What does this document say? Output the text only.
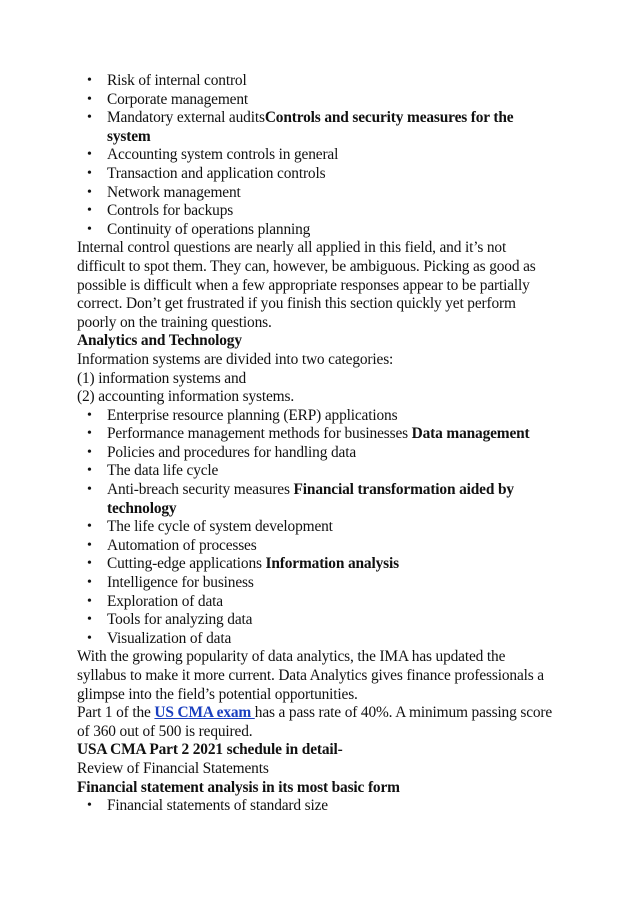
• Risk of internal control
• Corporate management
• Mandatory external auditsControls and security measures for the system
• Accounting system controls in general
• Transaction and application controls
• Network management
• Controls for backups
• Continuity of operations planning

Internal control questions are nearly all applied in this field, and it’s not difficult to spot them. They can, however, be ambiguous. Picking as good as possible is difficult when a few appropriate responses appear to be partially correct. Don’t get frustrated if you finish this section quickly yet perform poorly on the training questions.

Analytics and Technology

Information systems are divided into two categories:

(1) information systems and

(2) accounting information systems.

• Enterprise resource planning (ERP) applications
• Performance management methods for businesses Data management
• Policies and procedures for handling data
• The data life cycle
• Anti-breach security measures Financial transformation aided by technology
• The life cycle of system development
• Automation of processes
• Cutting-edge applications Information analysis
• Intelligence for business
• Exploration of data
• Tools for analyzing data
• Visualization of data

With the growing popularity of data analytics, the IMA has updated the syllabus to make it more current. Data Analytics gives finance professionals a glimpse into the field’s potential opportunities.

Part 1 of the US CMA exam has a pass rate of 40%. A minimum passing score of 360 out of 500 is required.

USA CMA Part 2 2021 schedule in detail-

Review of Financial Statements

Financial statement analysis in its most basic form

• Financial statements of standard size
